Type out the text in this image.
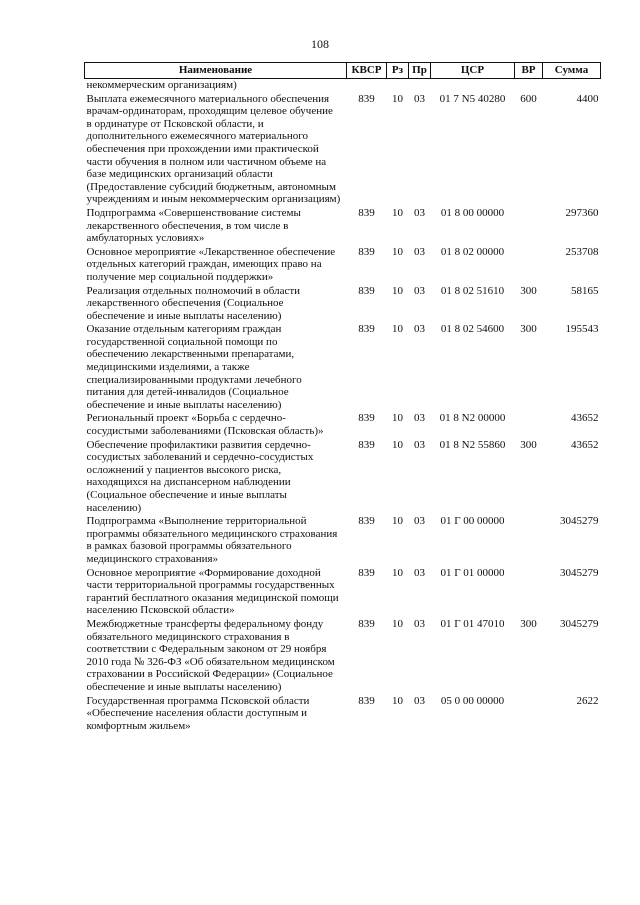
108
Наименование	КВСР	Рз	Пр	ЦСР	ВР	Сумма
некоммерческим организациям)						
Выплата ежемесячного материального обеспечения врачам-ординаторам, проходящим целевое обучение в ординатуре от Псковской области, и дополнительного ежемесячного материального обеспечения при прохождении ими практической части обучения в полном или частичном объеме на базе медицинских организаций области (Предоставление субсидий бюджетным, автономным учреждениям и иным некоммерческим организациям)	839	10	03	01 7 N5 40280	600	4400
Подпрограмма «Совершенствование системы лекарственного обеспечения, в том числе в амбулаторных условиях»	839	10	03	01 8 00 00000		297360
Основное мероприятие «Лекарственное обеспечение отдельных категорий граждан, имеющих право на получение мер социальной поддержки»	839	10	03	01 8 02 00000		253708
Реализация отдельных полномочий в области лекарственного обеспечения (Социальное обеспечение и иные выплаты населению)	839	10	03	01 8 02 51610	300	58165
Оказание отдельным категориям граждан государственной социальной помощи по обеспечению лекарственными препаратами, медицинскими изделиями, а также специализированными продуктами лечебного питания для детей-инвалидов (Социальное обеспечение и иные выплаты населению)	839	10	03	01 8 02 54600	300	195543
Региональный проект «Борьба с сердечно-сосудистыми заболеваниями (Псковская область)»	839	10	03	01 8 N2 00000		43652
Обеспечение профилактики развития сердечно-сосудистых заболеваний и сердечно-сосудистых осложнений у пациентов высокого риска, находящихся на диспансерном наблюдении (Социальное обеспечение и иные выплаты населению)	839	10	03	01 8 N2 55860	300	43652
Подпрограмма «Выполнение территориальной программы обязательного медицинского страхования в рамках базовой программы обязательного медицинского страхования»	839	10	03	01 Г 00 00000		3045279
Основное мероприятие «Формирование доходной части территориальной программы государственных гарантий бесплатного оказания медицинской помощи населению Псковской области»	839	10	03	01 Г 01 00000		3045279
Межбюджетные трансферты федеральному фонду обязательного медицинского страхования в соответствии с Федеральным законом от 29 ноября 2010 года № 326-ФЗ «Об обязательном медицинском страховании в Российской Федерации» (Социальное обеспечение и иные выплаты населению)	839	10	03	01 Г 01 47010	300	3045279
Государственная программа Псковской области «Обеспечение населения области доступным и комфортным жильем»	839	10	03	05 0 00 00000		2622
